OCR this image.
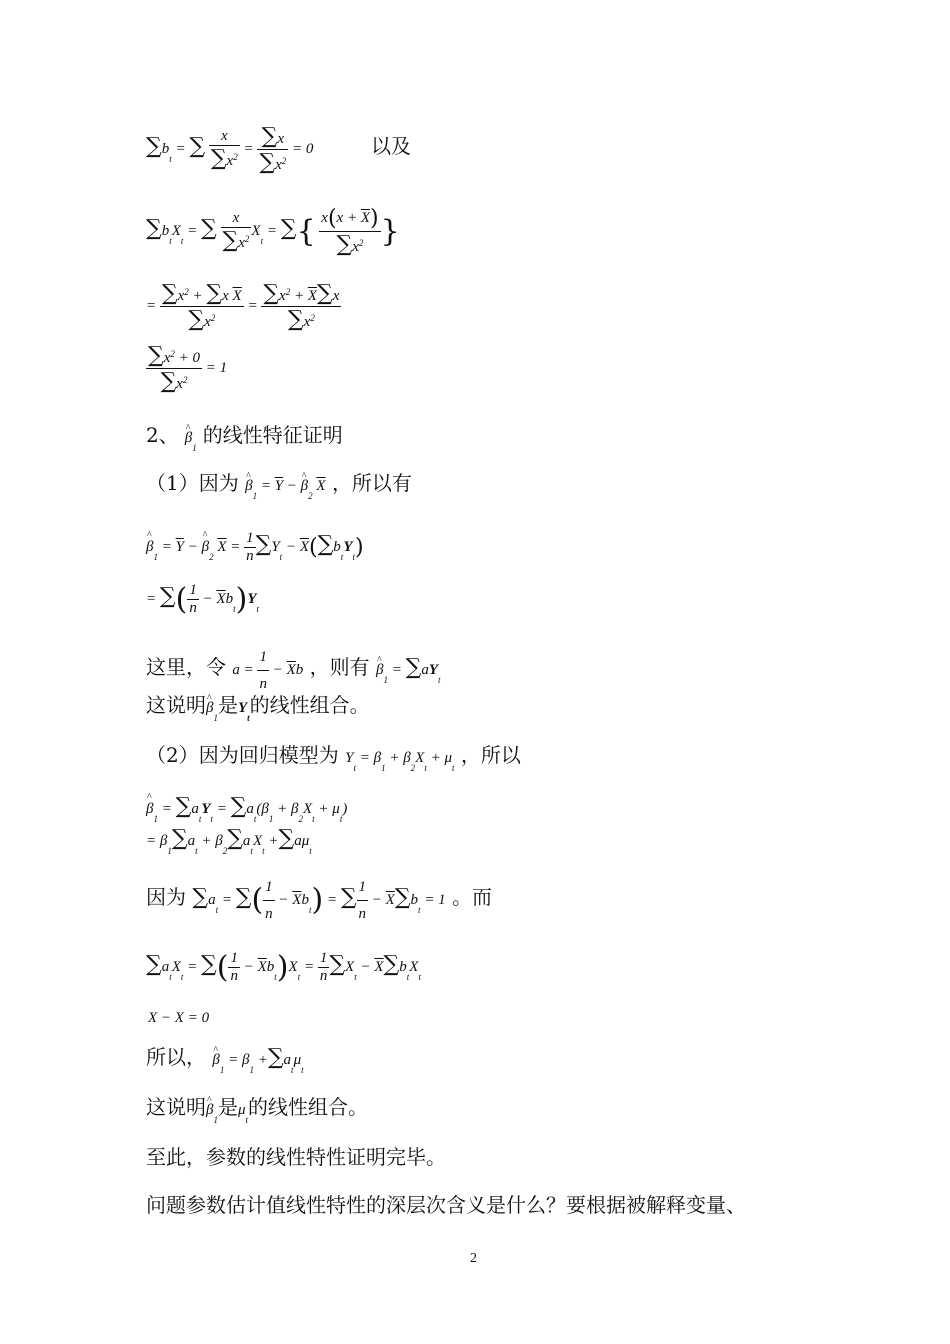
$\sum b_t$ = ∑ $\frac{x}{\sum x^2} = \frac{\sum x}{\sum x^2} = 0$	以及
$\sum b_tX_t$ = ∑ $\frac{x}{\sum x^2} X_t$ = ∑{ $\frac{x(x + \overline{X})}{\sum x^2}$ }
= $\frac{\sum x^2 + \sum x \overline{X}}{\sum x^2} = \frac{\sum x^2 + \overline{X}\sum x}{\sum x^2}$
$\frac{\sum x^2 + 0}{\sum x^2} = 1$
2、 ^ $\beta_1$的线性特征证明
（1）因为 ^ $\beta_1 = \overline{Y}$ − ^ $\beta_2$ $\overline{X}$ ，所以有
^ $\beta_1 = \overline{Y}$ − ^ $\beta_2$ $\overline{X} = \frac{1}{n} \sum Y_t - \overline{X}(\sum b_tY_t)$
= ∑( $\frac{1}{n} - \overline{X}b_t)Y_t$
这里，令 $a = \frac{1}{n} - \overline{X}b$ ，则有 ^ $\beta_1 = \sum aY_t$
这说明^ $\beta_1$是$Y_t$的线性组合。
（2）因为回归模型为 $Y_t = \beta_1 + \beta_2X_t + \mu_t$ ，所以
^ $\beta_1 = \sum a_tY_t = \sum a_t(\beta_1 + \beta_2X_t + \mu_t)$
= $\beta_1\sum a_t + \beta_2\sum a_tX_t +\sum a\mu_t$
因为 $\sum a_t$ = ∑( $\frac{1}{n} - \overline{X}b_t$) = ∑ $\frac{1}{n} - \overline{X}\sum b_t = 1$ 。而
$\sum a_tX_t$ = ∑( $\frac{1}{n} - \overline{X}b_t)X_t = \frac{1}{n} \sum X_t - \overline{X}\sum b_tX_t$
X − X = 0
所以， ^ $\beta_1 = \beta_1 +\sum a_t\mu_t$
这说明^ $\beta_1$是$\mu_t$的线性组合。
至此，参数的线性特性证明完毕。
问题参数估计值线性特性的深层次含义是什么？要根据被解释变量、
2
